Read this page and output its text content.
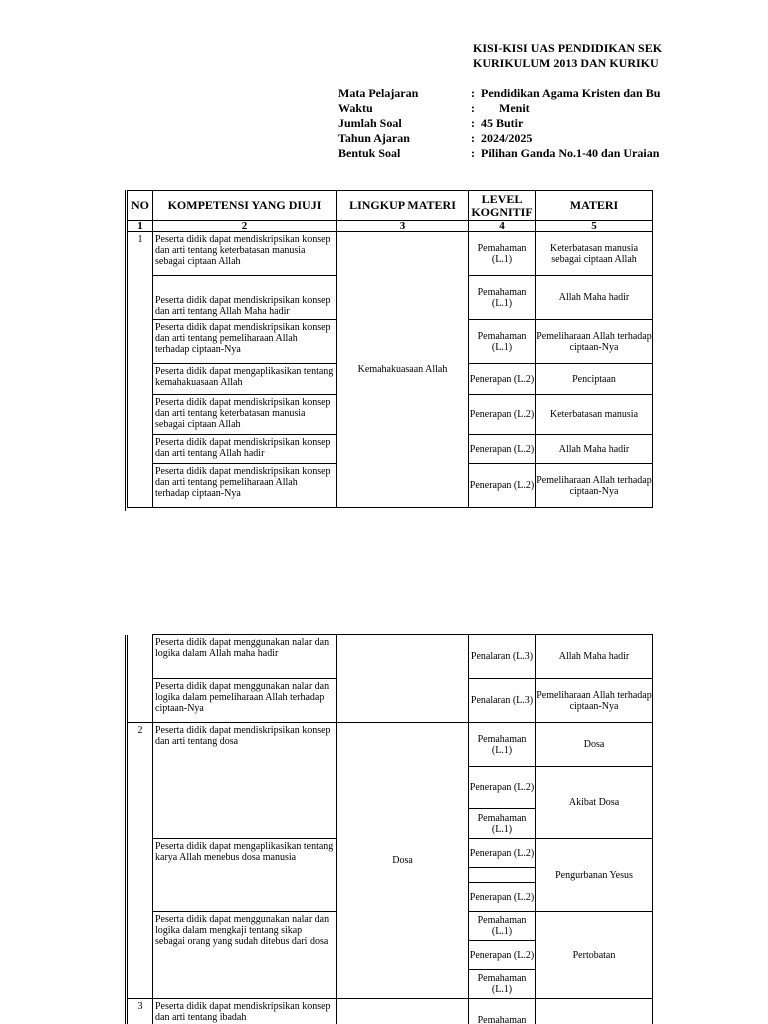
KISI-KISI UAS PENDIDIKAN SEK
KURIKULUM 2013 DAN KURIKU
Mata Pelajaran	: Pendidikan Agama Kristen dan Bu
Waktu	:      Menit
Jumlah Soal	: 45 Butir
Tahun Ajaran	: 2024/2025
Bentuk Soal	: Pilihan Ganda No.1-40 dan Uraian
NO	KOMPETENSI YANG DIUJI	LINGKUP MATERI	LEVEL KOGNITIF	MATERI
1	2	3	4	5
1	Peserta didik dapat mendiskripsikan konsep dan arti tentang keterbatasan manusia sebagai ciptaan Allah	Kemahakuasaan Allah	Pemahaman (L.1)	Keterbatasan manusia sebagai ciptaan Allah
	Peserta didik dapat mendiskripsikan konsep dan arti tentang Allah Maha hadir		Pemahaman (L.1)	Allah Maha hadir
	Peserta didik dapat mendiskripsikan konsep dan arti tentang pemeliharaan Allah terhadap ciptaan-Nya		Pemahaman (L.1)	Pemeliharaan Allah terhadap ciptaan-Nya
	Peserta didik dapat mengaplikasikan tentang kemahakuasaan Allah		Penerapan (L.2)	Penciptaan
	Peserta didik dapat mendiskripsikan konsep dan arti tentang keterbatasan manusia sebagai ciptaan Allah		Penerapan (L.2)	Keterbatasan manusia
	Peserta didik dapat mendiskripsikan konsep dan arti tentang Allah hadir		Penerapan (L.2)	Allah Maha hadir
	Peserta didik dapat mendiskripsikan konsep dan arti tentang pemeliharaan Allah terhadap ciptaan-Nya		Penerapan (L.2)	Pemeliharaan Allah terhadap ciptaan-Nya
	Peserta didik dapat menggunakan nalar dan logika dalam Allah maha hadir		Penalaran (L.3)	Allah Maha hadir
	Peserta didik dapat menggunakan nalar dan logika dalam pemeliharaan Allah terhadap ciptaan-Nya		Penalaran (L.3)	Pemeliharaan Allah terhadap ciptaan-Nya
2	Peserta didik dapat mendiskripsikan konsep dan arti tentang dosa	Dosa	Pemahaman (L.1)	Dosa
			Penerapan (L.2)	Akibat Dosa
			Pemahaman (L.1)	
	Peserta didik dapat mengaplikasikan tentang karya Allah menebus dosa manusia		Penerapan (L.2)	Pengurbanan Yesus

			Penerapan (L.2)	
	Peserta didik dapat menggunakan nalar dan logika dalam mengkaji tentang sikap sebagai orang yang sudah ditebus dari dosa		Pemahaman (L.1)	Pertobatan
			Penerapan (L.2)	
			Pemahaman (L.1)	
3	Peserta didik dapat mendiskripsikan konsep dan arti tentang ibadah		Pemahaman	
